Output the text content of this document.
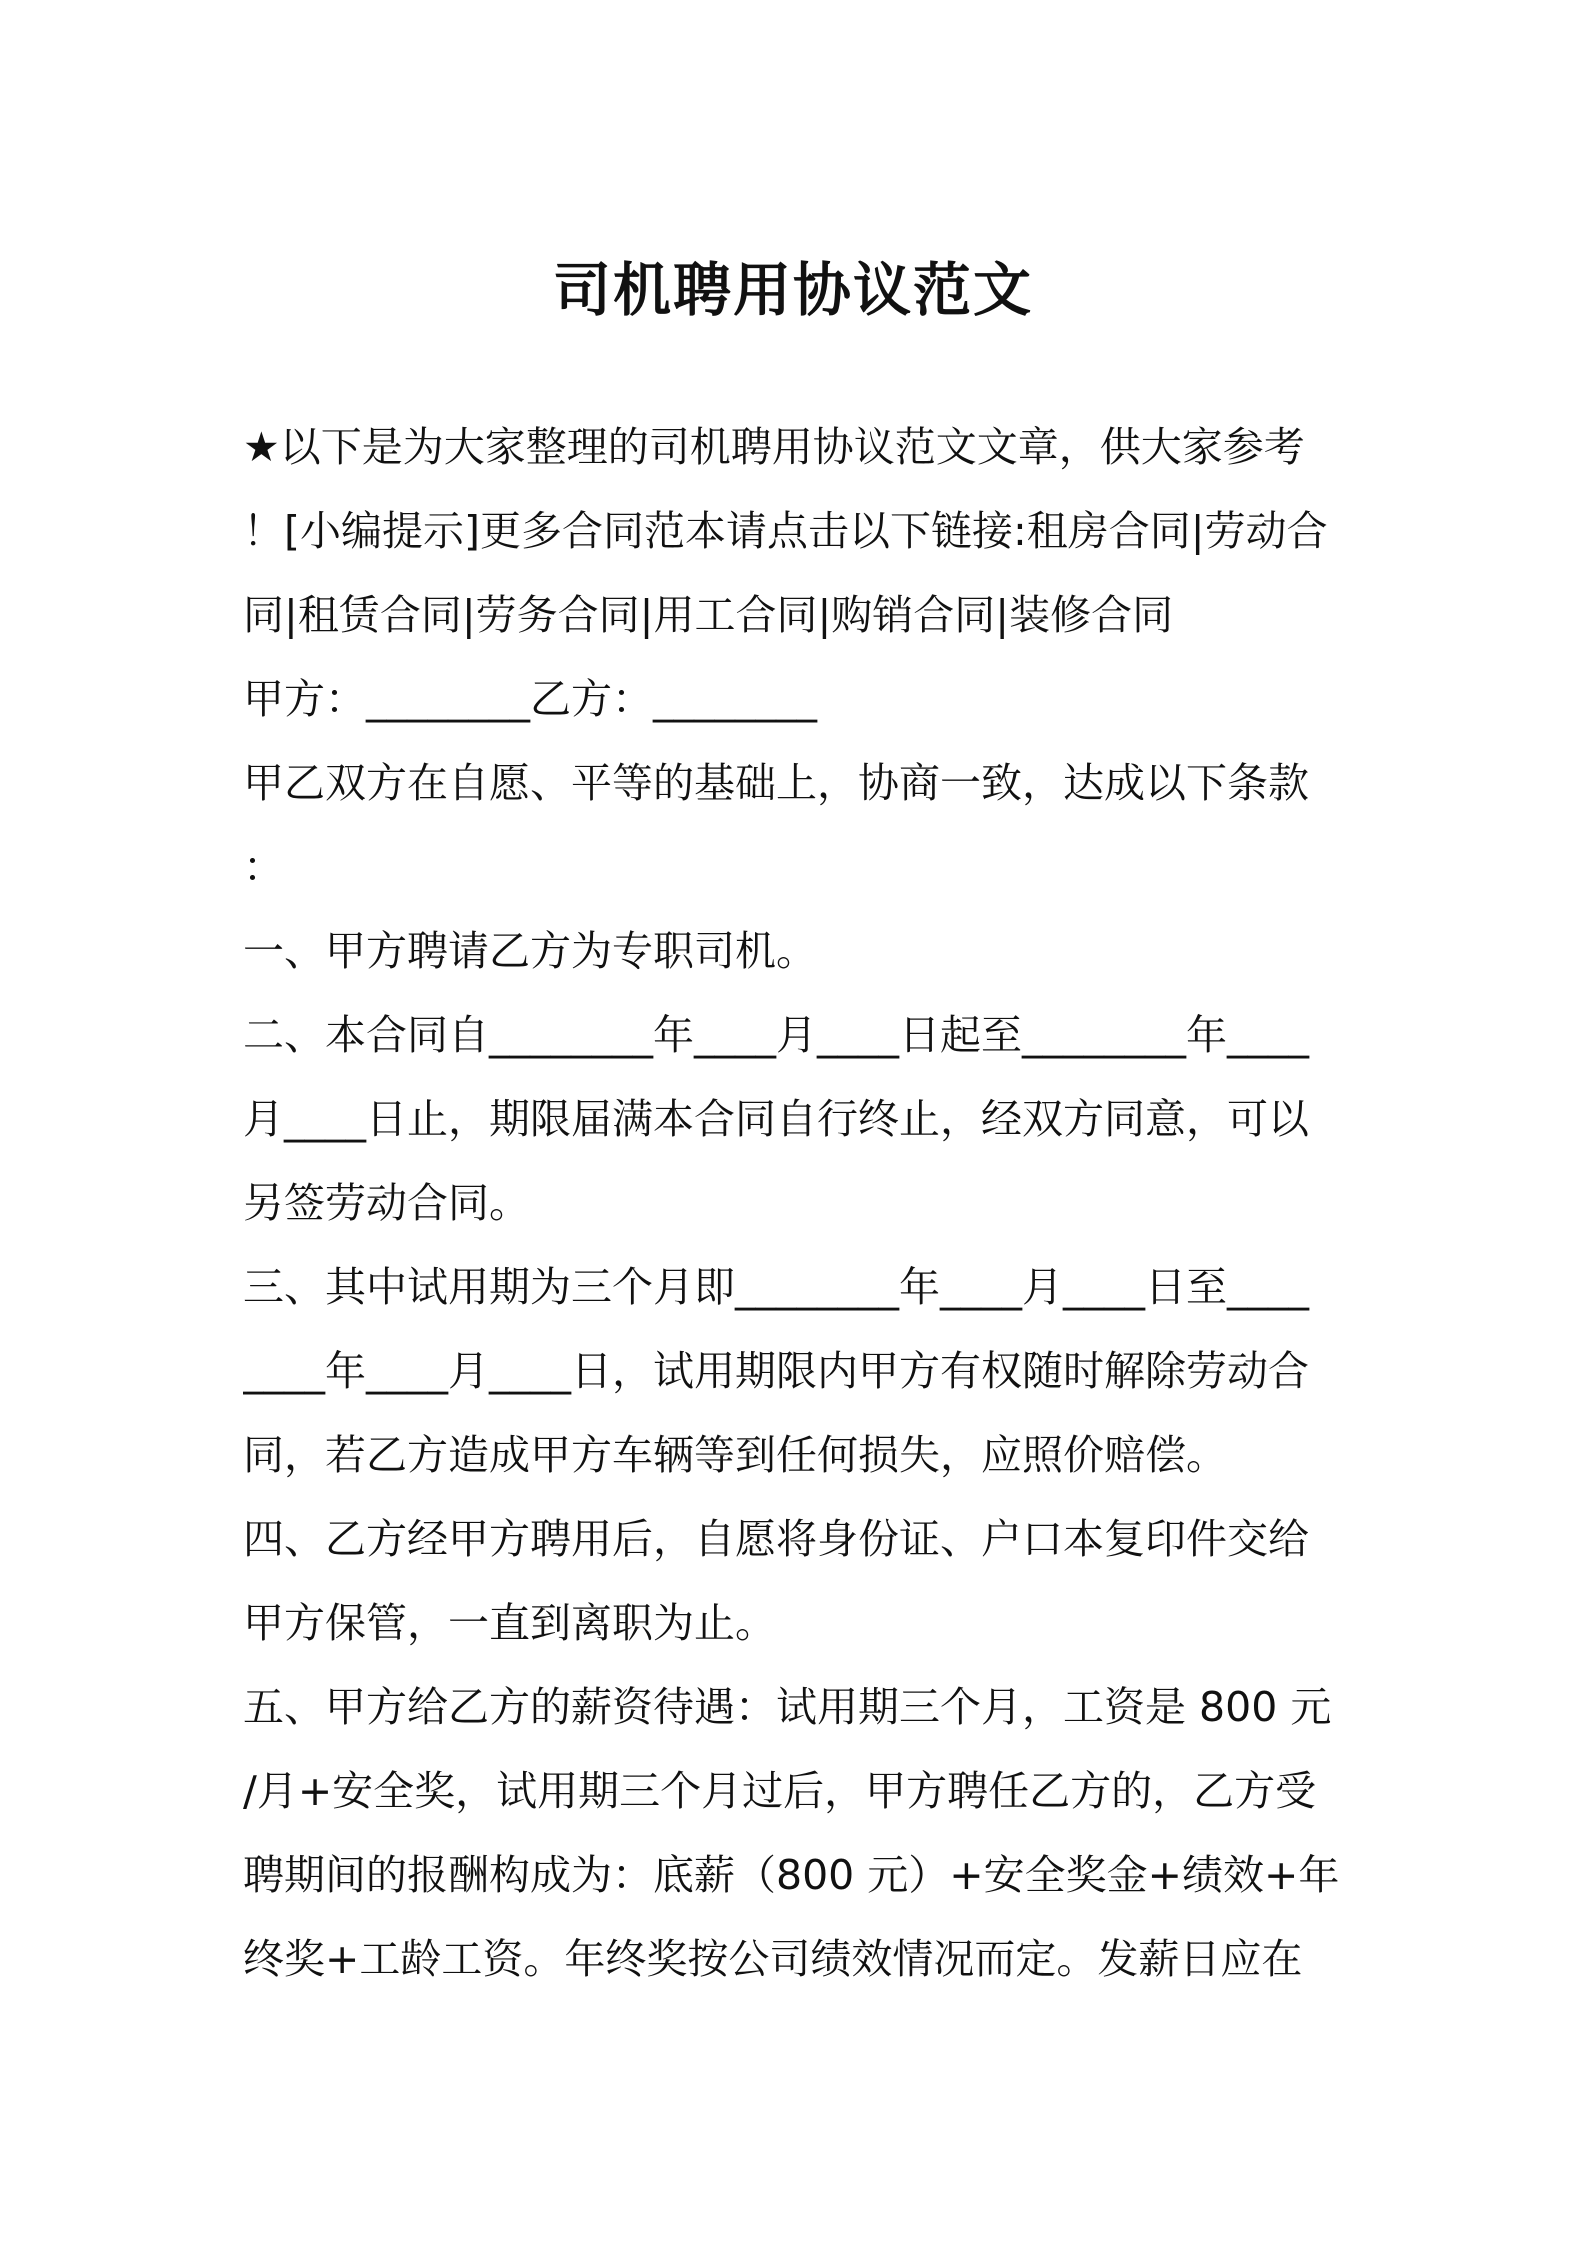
司机聘用协议范文
★以下是为大家整理的司机聘用协议范文文章，供大家参考
！[小编提示]更多合同范本请点击以下链接:租房合同|劳动合
同|租赁合同|劳务合同|用工合同|购销合同|装修合同
甲方：________乙方：________
甲乙双方在自愿、平等的基础上，协商一致，达成以下条款
：
一、甲方聘请乙方为专职司机。
二、本合同自________年____月____日起至________年____
月____日止，期限届满本合同自行终止，经双方同意，可以
另签劳动合同。
三、其中试用期为三个月即________年____月____日至____
____年____月____日，试用期限内甲方有权随时解除劳动合
同，若乙方造成甲方车辆等到任何损失，应照价赔偿。
四、乙方经甲方聘用后，自愿将身份证、户口本复印件交给
甲方保管，一直到离职为止。
五、甲方给乙方的薪资待遇：试用期三个月，工资是 800 元
/月+安全奖，试用期三个月过后，甲方聘任乙方的，乙方受
聘期间的报酬构成为：底薪（800 元）+安全奖金+绩效+年
终奖+工龄工资。年终奖按公司绩效情况而定。发薪日应在
